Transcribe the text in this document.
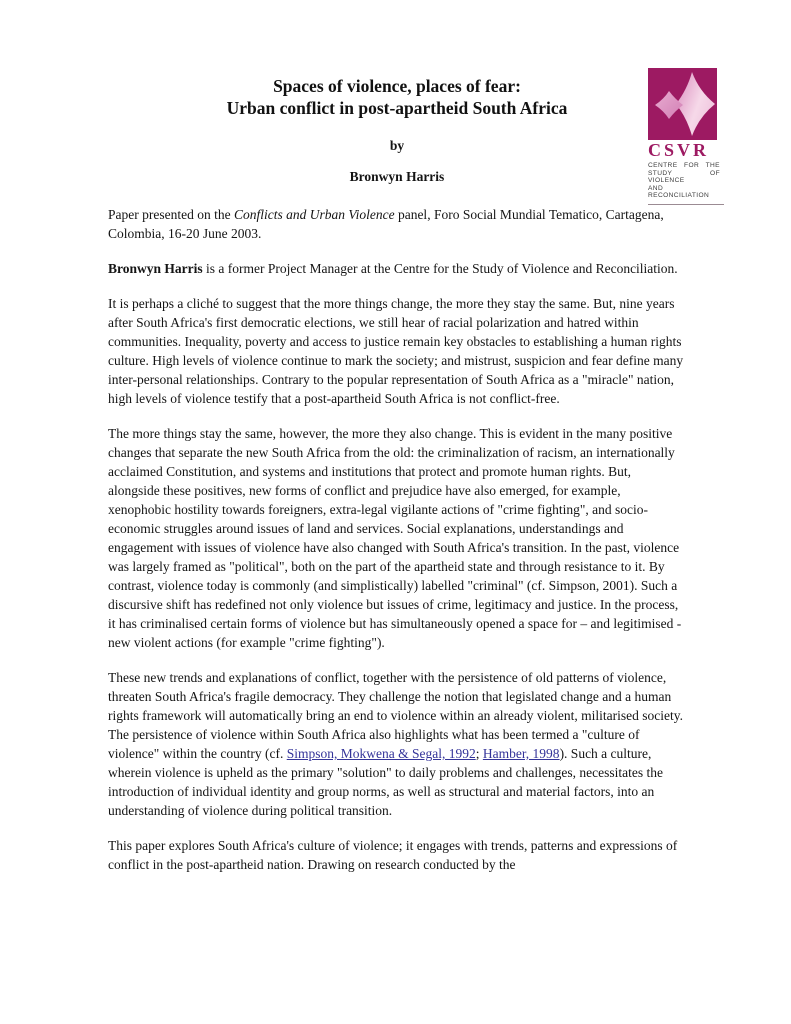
Spaces of violence, places of fear:
Urban conflict in post-apartheid South Africa
by
Bronwyn Harris
CSVR
CENTRE FOR THE
STUDY OF VIOLENCE
AND RECONCILIATION

Paper presented on the Conflicts and Urban Violence panel, Foro Social Mundial Tematico, Cartagena, Colombia, 16-20 June 2003.

Bronwyn Harris is a former Project Manager at the Centre for the Study of Violence and Reconciliation.

It is perhaps a cliché to suggest that the more things change, the more they stay the same. But, nine years after South Africa's first democratic elections, we still hear of racial polarization and hatred within communities. Inequality, poverty and access to justice remain key obstacles to establishing a human rights culture. High levels of violence continue to mark the society; and mistrust, suspicion and fear define many inter-personal relationships. Contrary to the popular representation of South Africa as a "miracle" nation, high levels of violence testify that a post-apartheid South Africa is not conflict-free.

The more things stay the same, however, the more they also change. This is evident in the many positive changes that separate the new South Africa from the old: the criminalization of racism, an internationally acclaimed Constitution, and systems and institutions that protect and promote human rights. But, alongside these positives, new forms of conflict and prejudice have also emerged, for example, xenophobic hostility towards foreigners, extra-legal vigilante actions of "crime fighting", and socio-economic struggles around issues of land and services. Social explanations, understandings and engagement with issues of violence have also changed with South Africa's transition. In the past, violence was largely framed as "political", both on the part of the apartheid state and through resistance to it. By contrast, violence today is commonly (and simplistically) labelled "criminal" (cf. Simpson, 2001). Such a discursive shift has redefined not only violence but issues of crime, legitimacy and justice. In the process, it has criminalised certain forms of violence but has simultaneously opened a space for – and legitimised - new violent actions (for example "crime fighting").

These new trends and explanations of conflict, together with the persistence of old patterns of violence, threaten South Africa's fragile democracy. They challenge the notion that legislated change and a human rights framework will automatically bring an end to violence within an already violent, militarised society. The persistence of violence within South Africa also highlights what has been termed a "culture of violence" within the country (cf. Simpson, Mokwena & Segal, 1992; Hamber, 1998). Such a culture, wherein violence is upheld as the primary "solution" to daily problems and challenges, necessitates the introduction of individual identity and group norms, as well as structural and material factors, into an understanding of violence during political transition.

This paper explores South Africa's culture of violence; it engages with trends, patterns and expressions of conflict in the post-apartheid nation. Drawing on research conducted by the
